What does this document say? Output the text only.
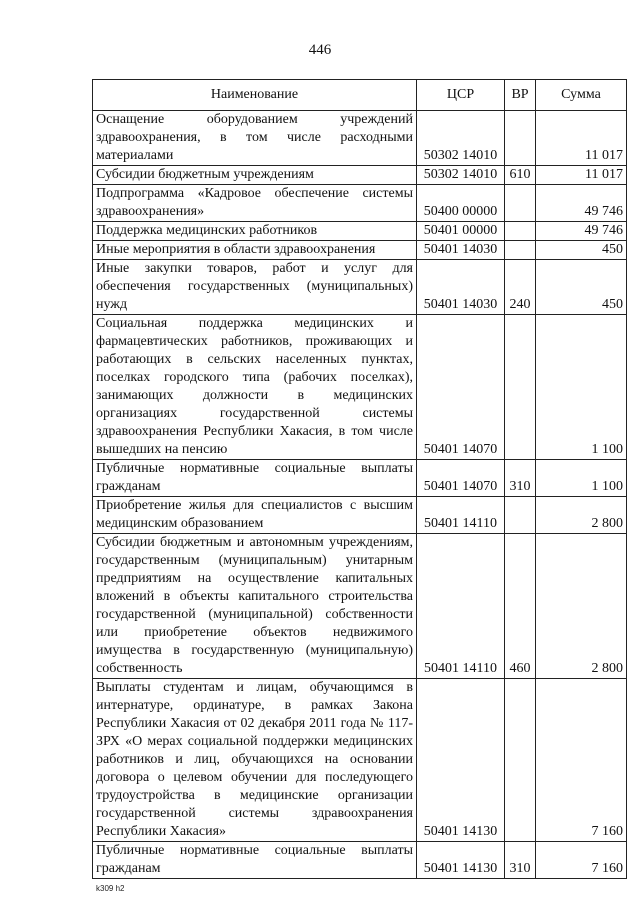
446
Наименование	ЦСР	ВР	Сумма
Оснащение оборудованием учреждений здравоохранения, в том числе расходными материалами	50302 14010		11 017
Субсидии бюджетным учреждениям	50302 14010	610	11 017
Подпрограмма «Кадровое обеспечение системы здравоохранения»	50400 00000		49 746
Поддержка медицинских работников	50401 00000		49 746
Иные мероприятия в области здравоохранения	50401 14030		450
Иные закупки товаров, работ и услуг для обеспечения государственных (муниципальных) нужд	50401 14030	240	450
Социальная поддержка медицинских и фармацевтических работников, проживающих и работающих в сельских населенных пунктах, поселках городского типа (рабочих поселках), занимающих должности в медицинских организациях государственной системы здравоохранения Республики Хакасия, в том числе вышедших на пенсию	50401 14070		1 100
Публичные нормативные социальные выплаты гражданам	50401 14070	310	1 100
Приобретение жилья для специалистов с высшим медицинским образованием	50401 14110		2 800
Субсидии бюджетным и автономным учреждениям, государственным (муниципальным) унитарным предприятиям на осуществление капитальных вложений в объекты капитального строительства государственной (муниципальной) собственности или приобретение объектов недвижимого имущества в государственную (муниципальную) собственность	50401 14110	460	2 800
Выплаты студентам и лицам, обучающимся в интернатуре, ординатуре, в рамках Закона Республики Хакасия от 02 декабря 2011 года № 117-ЗРХ «О мерах социальной поддержки медицинских работников и лиц, обучающихся на основании договора о целевом обучении для последующего трудоустройства в медицинские организации государственной системы здравоохранения Республики Хакасия»	50401 14130		7 160
Публичные нормативные социальные выплаты гражданам	50401 14130	310	7 160
k309 h2
